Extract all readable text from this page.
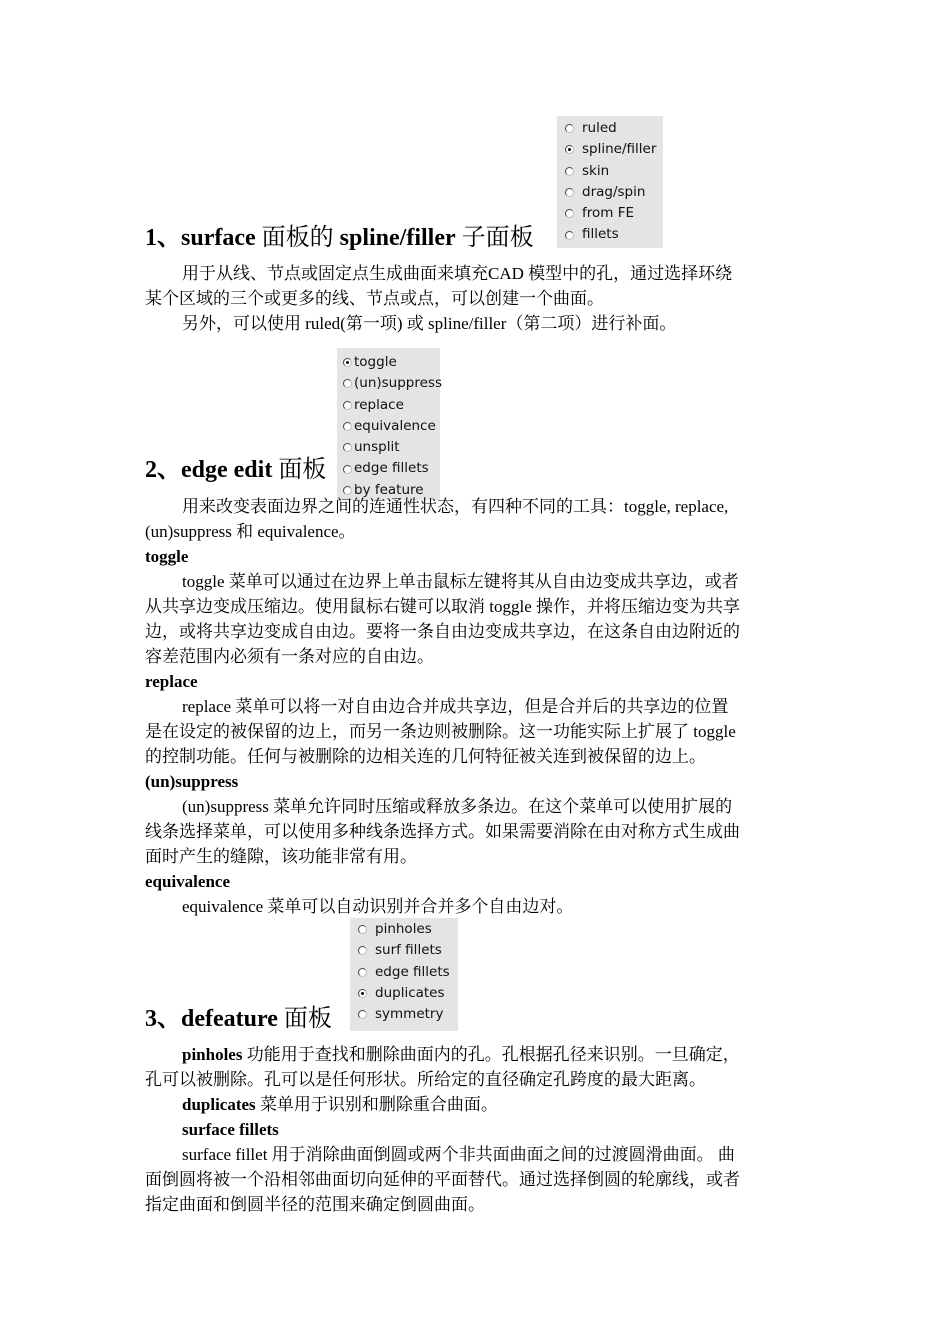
ruled
spline/filler
skin
drag/spin
from FE
fillets
1、surface 面板的 spline/filler 子面板
用于从线、节点或固定点生成曲面来填充CAD 模型中的孔，通过选择环绕
某个区域的三个或更多的线、节点或点，可以创建一个曲面。
另外，可以使用 ruled(第一项) 或 spline/filler（第二项）进行补面。
toggle
(un)suppress
replace
equivalence
unsplit
edge fillets
by feature
2、edge edit 面板
用来改变表面边界之间的连通性状态，有四种不同的工具：toggle, replace,
(un)suppress 和 equivalence。
toggle
toggle 菜单可以通过在边界上单击鼠标左键将其从自由边变成共享边，或者
从共享边变成压缩边。使用鼠标右键可以取消 toggle 操作，并将压缩边变为共享
边，或将共享边变成自由边。要将一条自由边变成共享边，在这条自由边附近的
容差范围内必须有一条对应的自由边。
replace
replace 菜单可以将一对自由边合并成共享边，但是合并后的共享边的位置
是在设定的被保留的边上，而另一条边则被删除。这一功能实际上扩展了 toggle
的控制功能。任何与被删除的边相关连的几何特征被关连到被保留的边上。
(un)suppress
(un)suppress 菜单允许同时压缩或释放多条边。在这个菜单可以使用扩展的
线条选择菜单，可以使用多种线条选择方式。如果需要消除在由对称方式生成曲
面时产生的缝隙，该功能非常有用。
equivalence
equivalence 菜单可以自动识别并合并多个自由边对。
pinholes
surf fillets
edge fillets
duplicates
symmetry
3、defeature 面板
pinholes 功能用于查找和删除曲面内的孔。孔根据孔径来识别。一旦确定，
孔可以被删除。孔可以是任何形状。所给定的直径确定孔跨度的最大距离。
duplicates 菜单用于识别和删除重合曲面。
surface fillets
surface fillet 用于消除曲面倒圆或两个非共面曲面之间的过渡圆滑曲面。 曲
面倒圆将被一个沿相邻曲面切向延伸的平面替代。通过选择倒圆的轮廓线，或者
指定曲面和倒圆半径的范围来确定倒圆曲面。
